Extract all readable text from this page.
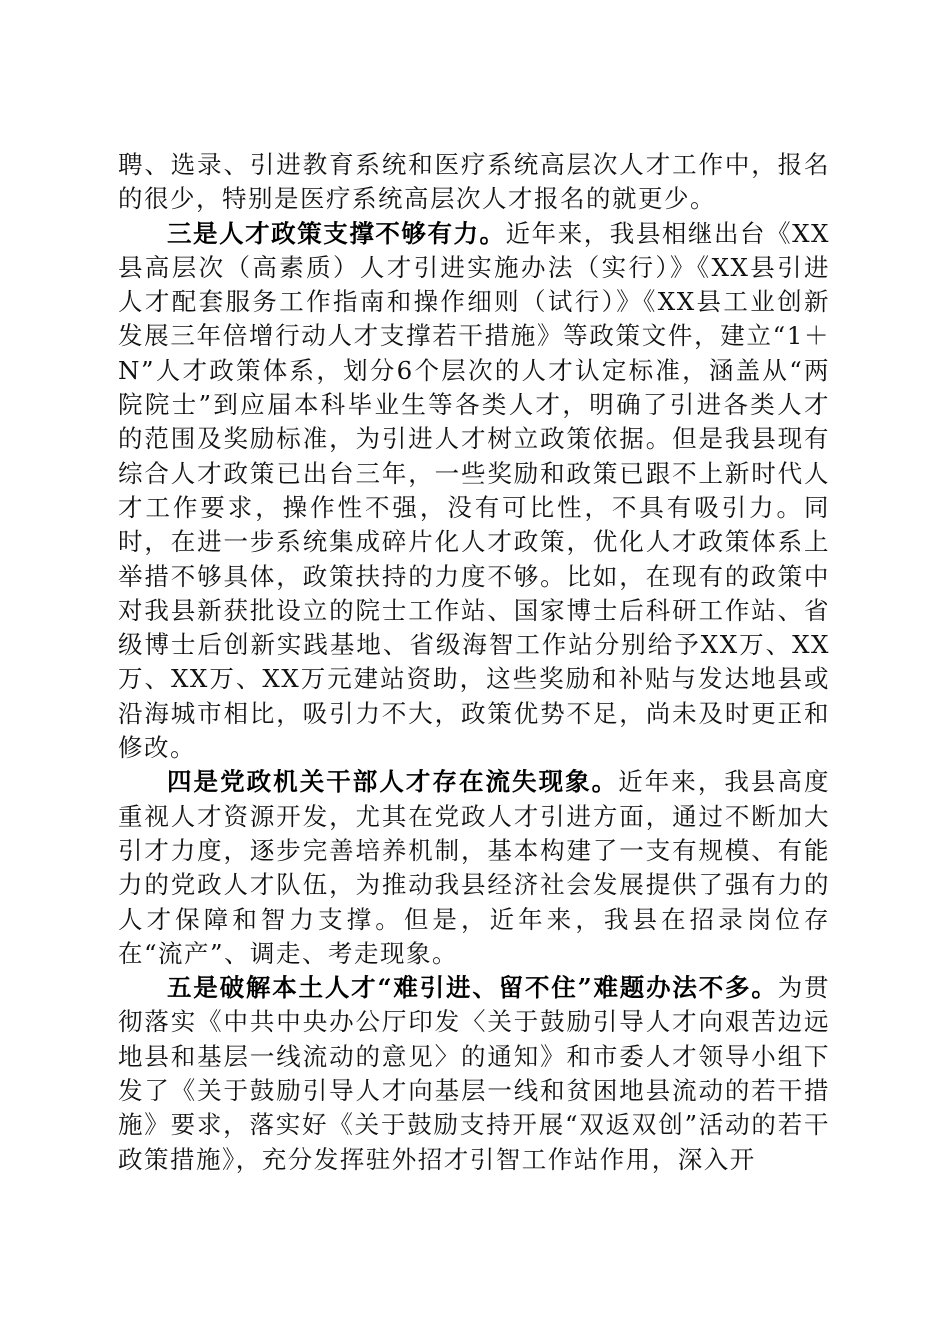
聘、选录、引进教育系统和医疗系统高层次人才工作中，报名的很少，特别是医疗系统高层次人才报名的就更少。

三是人才政策支撑不够有力。近年来，我县相继出台《XX县高层次（高素质）人才引进实施办法（实行）》《XX县引进人才配套服务工作指南和操作细则（试行）》《XX县工业创新发展三年倍增行动人才支撑若干措施》等政策文件，建立“1＋N”人才政策体系，划分6个层次的人才认定标准，涵盖从“两院院士”到应届本科毕业生等各类人才，明确了引进各类人才的范围及奖励标准，为引进人才树立政策依据。但是我县现有综合人才政策已出台三年，一些奖励和政策已跟不上新时代人才工作要求，操作性不强，没有可比性，不具有吸引力。同时，在进一步系统集成碎片化人才政策，优化人才政策体系上举措不够具体，政策扶持的力度不够。比如，在现有的政策中对我县新获批设立的院士工作站、国家博士后科研工作站、省级博士后创新实践基地、省级海智工作站分别给予XX万、XX万、XX万、XX万元建站资助，这些奖励和补贴与发达地县或沿海城市相比，吸引力不大，政策优势不足，尚未及时更正和修改。

四是党政机关干部人才存在流失现象。近年来，我县高度重视人才资源开发，尤其在党政人才引进方面，通过不断加大引才力度，逐步完善培养机制，基本构建了一支有规模、有能力的党政人才队伍，为推动我县经济社会发展提供了强有力的人才保障和智力支撑。但是，近年来，我县在招录岗位存在“流产”、调走、考走现象。

五是破解本土人才“难引进、留不住”难题办法不多。为贯彻落实《中共中央办公厅印发〈关于鼓励引导人才向艰苦边远地县和基层一线流动的意见〉的通知》和市委人才领导小组下发了《关于鼓励引导人才向基层一线和贫困地县流动的若干措施》要求，落实好《关于鼓励支持开展“双返双创”活动的若干政策措施》，充分发挥驻外招才引智工作站作用，深入开
